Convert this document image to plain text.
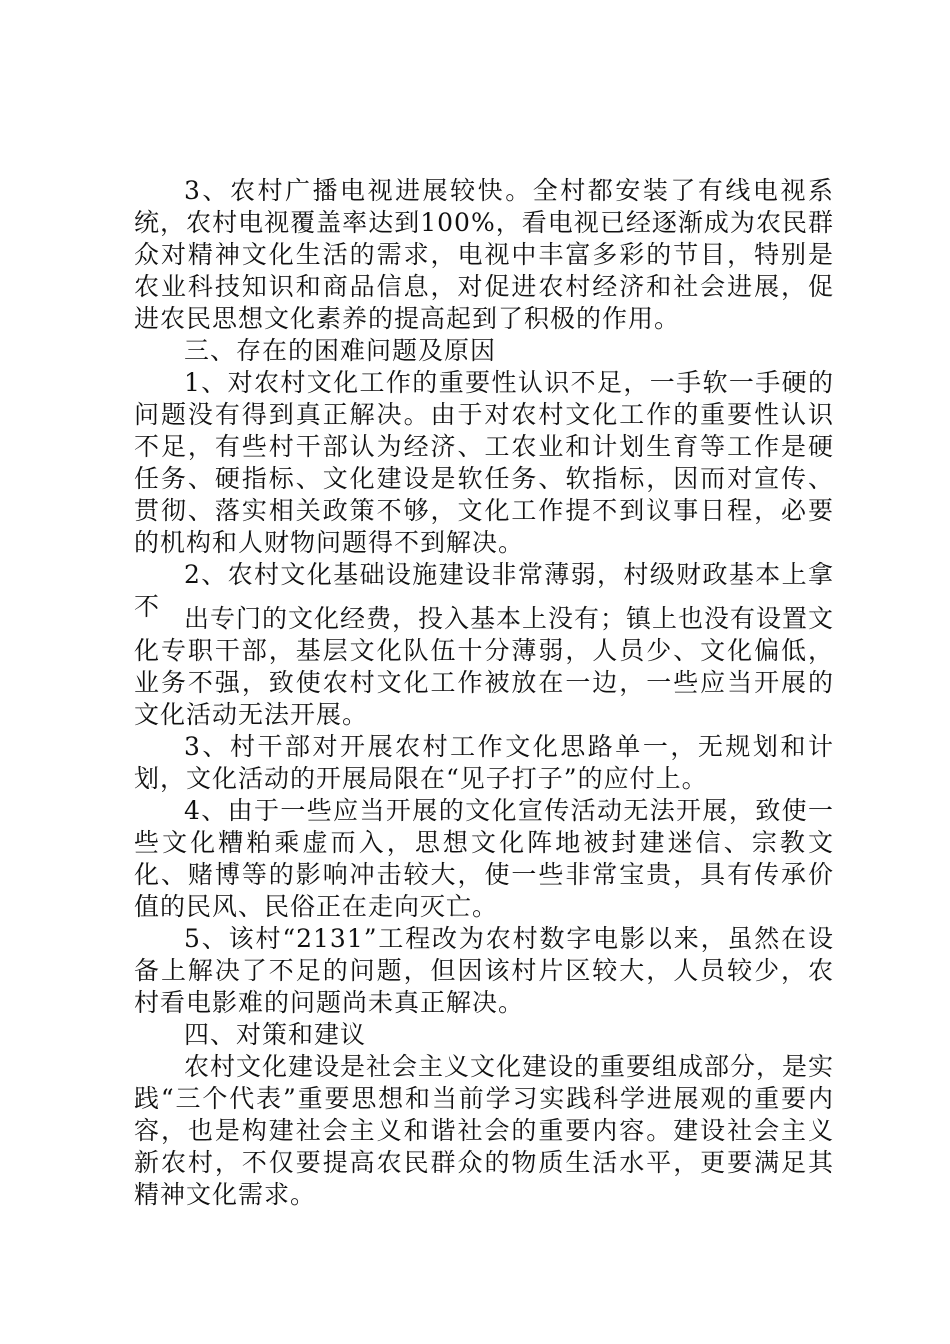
3、农村广播电视进展较快。全村都安装了有线电视系统，农村电视覆盖率达到100%，看电视已经逐渐成为农民群众对精神文化生活的需求，电视中丰富多彩的节目，特别是农业科技知识和商品信息，对促进农村经济和社会进展，促进农民思想文化素养的提高起到了积极的作用。

三、存在的困难问题及原因

1、对农村文化工作的重要性认识不足，一手软一手硬的问题没有得到真正解决。由于对农村文化工作的重要性认识不足，有些村干部认为经济、工农业和计划生育等工作是硬任务、硬指标、文化建设是软任务、软指标，因而对宣传、贯彻、落实相关政策不够，文化工作提不到议事日程，必要的机构和人财物问题得不到解决。

2、农村文化基础设施建设非常薄弱，村级财政基本上拿不 出专门的文化经费，投入基本上没有；镇上也没有设置文化专职干部，基层文化队伍十分薄弱，人员少、文化偏低，业务不强，致使农村文化工作被放在一边，一些应当开展的文化活动无法开展。

3、村干部对开展农村工作文化思路单一，无规划和计划，文化活动的开展局限在“见子打子”的应付上。

4、由于一些应当开展的文化宣传活动无法开展，致使一些文化糟粕乘虚而入，思想文化阵地被封建迷信、宗教文化、赌博等的影响冲击较大，使一些非常宝贵，具有传承价值的民风、民俗正在走向灭亡。

5、该村“2131”工程改为农村数字电影以来，虽然在设备上解决了不足的问题，但因该村片区较大，人员较少，农村看电影难的问题尚未真正解决。

四、对策和建议

农村文化建设是社会主义文化建设的重要组成部分，是实践“三个代表”重要思想和当前学习实践科学进展观的重要内容，也是构建社会主义和谐社会的重要内容。建设社会主义新农村，不仅要提高农民群众的物质生活水平，更要满足其精神文化需求。
